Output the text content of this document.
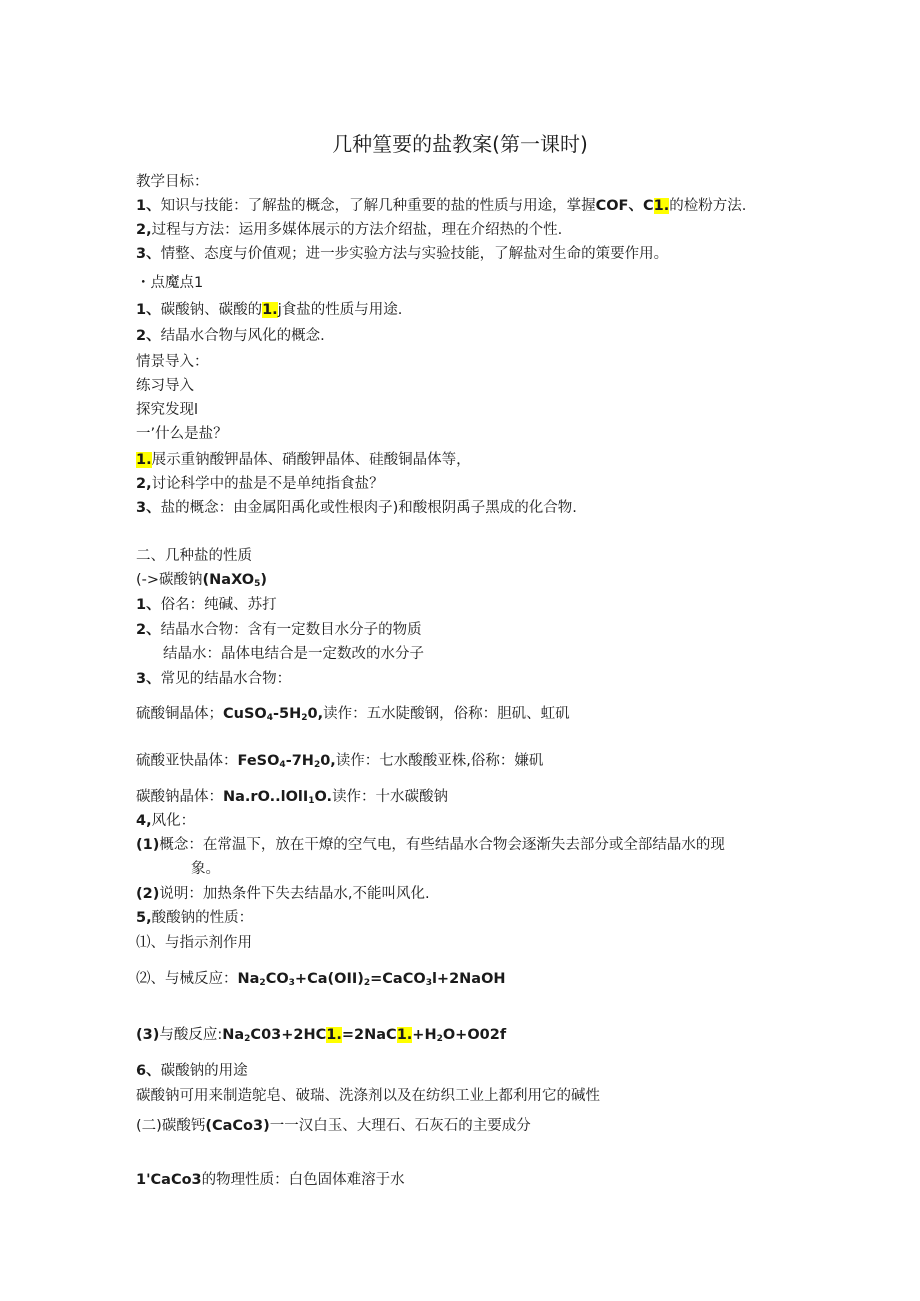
几种篁要的盐教案(第一课时)
教学目标：
1、知识与技能：了解盐的概念，了解几种重要的盐的性质与用途，掌握COF、C1.的检粉方法.
2,过程与方法：运用多媒体展示的方法介绍盐，理在介绍热的个性.
3、情整、态度与价值观；进一步实验方法与实验技能，了解盐对生命的策要作用。
・点魔点1
1、碳酸钠、碳酸的1.j食盐的性质与用途.
2、结晶水合物与风化的概念.
情景导入：
练习导入
探究发现l
一’什么是盐？
1.展示重钠酸钾晶体、硝酸钾晶体、硅酸铜晶体等，
2,讨论科学中的盐是不是单纯指食盐？
3、盐的概念：由金属阳禹化或性根肉子)和酸根阴禹子黑成的化合物.
二、几种盐的性质
(->碳酸钠(NaXO$_5$)
1、俗名：纯碱、苏打
2、结晶水合物：含有一定数目水分子的物质
结晶水：晶体电结合是一定数改的水分子
3、常见的结晶水合物：
硫酸铜晶体；$CuSO_4-5H_20$,读作：五水陡酸钢，俗称：胆矶、虹矶
硫酸亚快晶体：$FeSO_4-7H_20$,读作：七水酸酸亚株,俗称：嫌矶
碳酸钠晶体：Na.rO..lOlI$_1$O.读作：十水碳酸钠
4,风化：
(1)概念：在常温下，放在干燎的空气电，有些结晶水合物会逐渐失去部分或全部结晶水的现
象。
(2)说明：加热条件下失去结晶水,不能叫风化.
5,酸酸钠的性质：
⑴、与指示剂作用
⑵、与械反应：$Na_2CO_3+Ca(OII)_2=CaCO_3l+2NaOH$
(3)与酸反应$:Na_2C03+2HC1.=2NaC1.+H_2O+O02f$
6、碳酸钠的用途
碳酸钠可用来制造鸵皂、破瑞、洗涤剂以及在纺织工业上都利用它的碱性
(二)碳酸钙(CaCo3)一一汉白玉、大理石、石灰石的主要成分
1'CaCo3的物理性质：白色固体难溶于水
